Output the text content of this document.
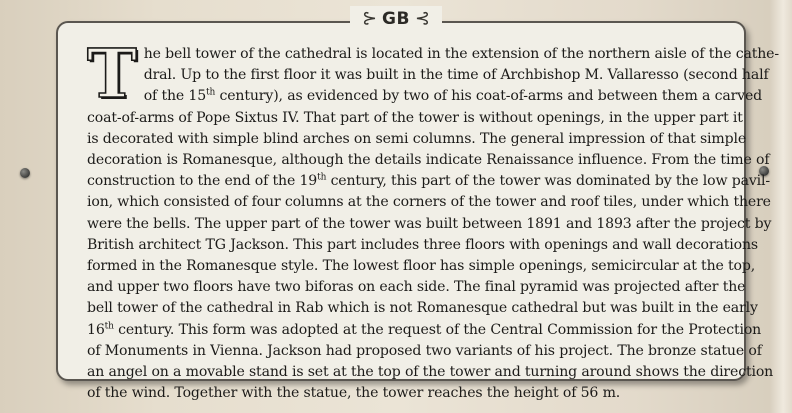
⊱ GB ⊰
T he bell tower of the cathedral is located in the extension of the northern aisle of the cathe-
dral. Up to the first floor it was built in the time of Archbishop M. Vallaresso (second half
of the 15th century), as evidenced by two of his coat-of-arms and between them a carved
coat-of-arms of Pope Sixtus IV. That part of the tower is without openings, in the upper part it
is decorated with simple blind arches on semi columns. The general impression of that simple
decoration is Romanesque, although the details indicate Renaissance influence. From the time of
construction to the end of the 19th century, this part of the tower was dominated by the low pavil-
ion, which consisted of four columns at the corners of the tower and roof tiles, under which there
were the bells. The upper part of the tower was built between 1891 and 1893 after the project by
British architect TG Jackson. This part includes three floors with openings and wall decorations
formed in the Romanesque style. The lowest floor has simple openings, semicircular at the top,
and upper two floors have two biforas on each side. The final pyramid was projected after the
bell tower of the cathedral in Rab which is not Romanesque cathedral but was built in the early
16th century. This form was adopted at the request of the Central Commission for the Protection
of Monuments in Vienna. Jackson had proposed two variants of his project. The bronze statue of
an angel on a movable stand is set at the top of the tower and turning around shows the direction
of the wind. Together with the statue, the tower reaches the height of 56 m.
